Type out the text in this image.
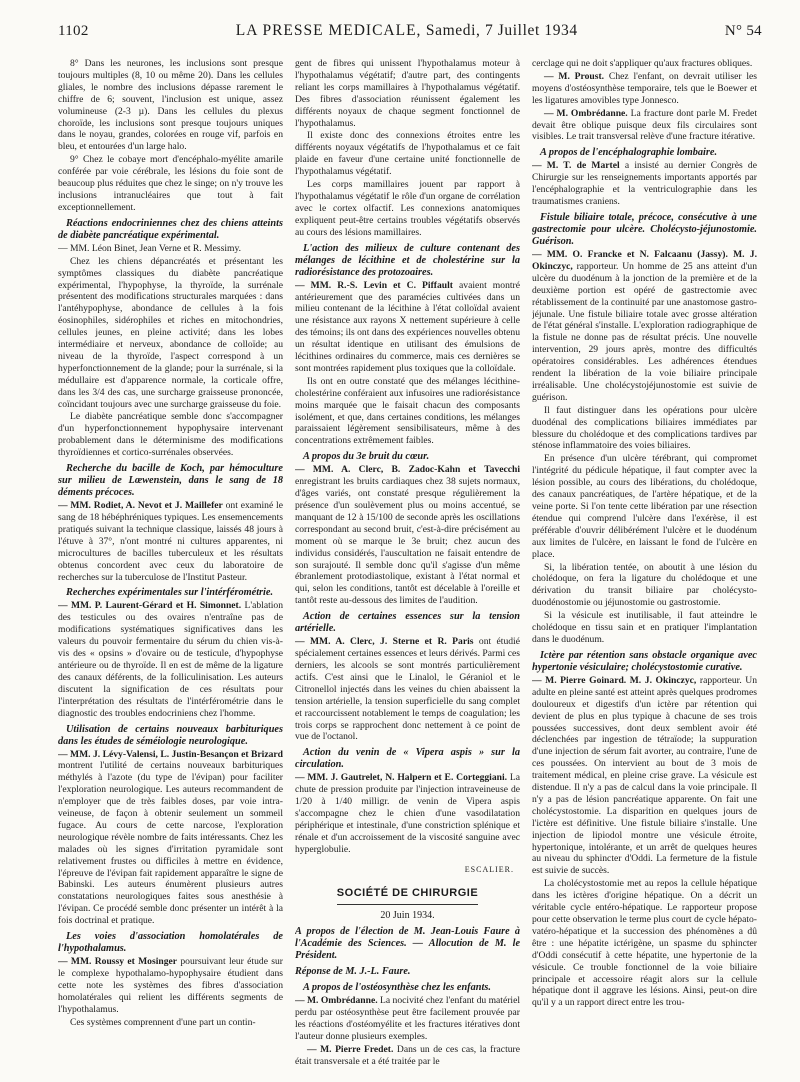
1102	LA PRESSE MEDICALE, Samedi, 7 Juillet 1934	N° 54

8° Dans les neurones, les inclusions sont presque toujours multiples (8, 10 ou même 20). Dans les cellules gliales, le nombre des inclusions dépasse rarement le chiffre de 6; souvent, l'inclusion est unique, assez volumineuse (2-3 µ). Dans les cellules du plexus choroïde, les inclusions sont presque toujours uniques dans le noyau, grandes, colorées en rouge vif, parfois en bleu, et entourées d'un large halo.

9° Chez le cobaye mort d'encéphalo-myélite amarile conférée par voie cérébrale, les lésions du foie sont de beaucoup plus réduites que chez le singe; on n'y trouve les inclusions intranucléaires que tout à fait exceptionnellement.

Réactions endocriniennes chez des chiens atteints de diabète pancréatique expérimental.

— MM. Léon Binet, Jean Verne et R. Messimy.

Chez les chiens dépancréatés et présentant les symptômes classiques du diabète pancréatique expérimental, l'hypophyse, la thyroïde, la surrénale présentent des modifications structurales marquées : dans l'antéhypophyse, abondance de cellules à la fois éosinophiles, sidérophiles et riches en mitochondries, cellules jeunes, en pleine activité; dans les lobes intermédiaire et nerveux, abondance de colloïde; au niveau de la thyroïde, l'aspect correspond à un hyperfonctionnement de la glande; pour la surrénale, si la médullaire est d'apparence normale, la corticale offre, dans les 3/4 des cas, une surcharge graisseuse prononcée, coïncidant toujours avec une surcharge graisseuse du foie.

Le diabète pancréatique semble donc s'accompagner d'un hyperfonctionnement hypophysaire intervenant probablement dans le déterminisme des modifications thyroïdiennes et cortico-surrénales observées.

Recherche du bacille de Koch, par hémoculture sur milieu de Lœwenstein, dans le sang de 18 déments précoces.

— MM. Rodiet, A. Nevot et J. Maillefer ont examiné le sang de 18 hébéphréniques typiques. Les ensemencements pratiqués suivant la technique classique, laissés 48 jours à l'étuve à 37°, n'ont montré ni cultures apparentes, ni microcultures de bacilles tuberculeux et les résultats obtenus concordent avec ceux du laboratoire de recherches sur la tuberculose de l'Institut Pasteur.

Recherches expérimentales sur l'intérférométrie.

— MM. P. Laurent-Gérard et H. Simonnet. L'ablation des testicules ou des ovaires n'entraîne pas de modifications systématiques significatives dans les valeurs du pouvoir fermentaire du sérum du chien vis-à-vis des « opsins » d'ovaire ou de testicule, d'hypophyse antérieure ou de thyroïde. Il en est de même de la ligature des canaux déférents, de la folliculinisation. Les auteurs discutent la signification de ces résultats pour l'interprétation des résultats de l'intérférométrie dans le diagnostic des troubles endocriniens chez l'homme.

Utilisation de certains nouveaux barbituriques dans les études de séméiologie neurologique.

— MM. J. Lévy-Valensi, L. Justin-Besançon et Brizard montrent l'utilité de certains nouveaux barbituriques méthylés à l'azote (du type de l'évipan) pour faciliter l'exploration neurologique. Les auteurs recommandent de n'employer que de très faibles doses, par voie intra-veineuse, de façon à obtenir seulement un sommeil fugace. Au cours de cette narcose, l'exploration neurologique révèle nombre de faits intéressants. Chez les malades où les signes d'irritation pyramidale sont relativement frustes ou difficiles à mettre en évidence, l'épreuve de l'évipan fait rapidement apparaître le signe de Babinski. Les auteurs énumèrent plusieurs autres constatations neurologiques faites sous anesthésie à l'évipan. Ce procédé semble donc présenter un intérêt à la fois doctrinal et pratique.

Les voies d'association homolatérales de l'hypothalamus.

— MM. Roussy et Mosinger poursuivant leur étude sur le complexe hypothalamo-hypophysaire étudient dans cette note les systèmes des fibres d'association homolatérales qui relient les différents segments de l'hypothalamus.

Ces systèmes comprennent d'une part un contin-

gent de fibres qui unissent l'hypothalamus moteur à l'hypothalamus végétatif; d'autre part, des contingents reliant les corps mamillaires à l'hypothalamus végétatif. Des fibres d'association réunissent également les différents noyaux de chaque segment fonctionnel de l'hypothalamus.

Il existe donc des connexions étroites entre les différents noyaux végétatifs de l'hypothalamus et ce fait plaide en faveur d'une certaine unité fonctionnelle de l'hypothalamus végétatif.

Les corps mamillaires jouent par rapport à l'hypothalamus végétatif le rôle d'un organe de corrélation avec le cortex olfactif. Les connexions anatomiques expliquent peut-être certains troubles végétatifs observés au cours des lésions mamillaires.

L'action des milieux de culture contenant des mélanges de lécithine et de cholestérine sur la radiorésistance des protozoaires.

— MM. R.-S. Levin et C. Piffault avaient montré antérieurement que des paramécies cultivées dans un milieu contenant de la lécithine à l'état colloïdal avaient une résistance aux rayons X nettement supérieure à celle des témoins; ils ont dans des expériences nouvelles obtenu un résultat identique en utilisant des émulsions de lécithines ordinaires du commerce, mais ces dernières se sont montrées rapidement plus toxiques que la colloïdale.

Ils ont en outre constaté que des mélanges lécithine-cholestérine conféraient aux infusoires une radiorésistance moins marquée que le faisait chacun des composants isolément, et que, dans certaines conditions, les mélanges paraissaient légèrement sensibilisateurs, même à des concentrations extrêmement faibles.

A propos du 3e bruit du cœur.

— MM. A. Clerc, B. Zadoc-Kahn et Tavecchi enregistrant les bruits cardiaques chez 38 sujets normaux, d'âges variés, ont constaté presque régulièrement la présence d'un soulèvement plus ou moins accentué, se manquant de 12 à 15/100 de seconde après les oscillations correspondant au second bruit, c'est-à-dire précisément au moment où se marque le 3e bruit; chez aucun des individus considérés, l'auscultation ne faisait entendre de son surajouté. Il semble donc qu'il s'agisse d'un même ébranlement protodiastolique, existant à l'état normal et qui, selon les conditions, tantôt est décelable à l'oreille et tantôt reste au-dessous des limites de l'audition.

Action de certaines essences sur la tension artérielle.

— MM. A. Clerc, J. Sterne et R. Paris ont étudié spécialement certaines essences et leurs dérivés. Parmi ces derniers, les alcools se sont montrés particulièrement actifs. C'est ainsi que le Linalol, le Géraniol et le Citronellol injectés dans les veines du chien abaissent la tension artérielle, la tension superficielle du sang complet et raccourcissent notablement le temps de coagulation; les trois corps se rapprochent donc nettement à ce point de vue de l'octanol.

Action du venin de « Vipera aspis » sur la circulation.

— MM. J. Gautrelet, N. Halpern et E. Corteggiani. La chute de pression produite par l'injection intraveineuse de 1/20 à 1/40 milligr. de venin de Vipera aspis s'accompagne chez le chien d'une vasodilatation périphérique et intestinale, d'une constriction splénique et rénale et d'un accroissement de la viscosité sanguine avec hyperglobulie.

ESCALIER.
SOCIÉTÉ DE CHIRURGIE
20 Juin 1934.
A propos de l'élection de M. Jean-Louis Faure à l'Académie des Sciences. — Allocution de M. le Président.
Réponse de M. J.-L. Faure.
A propos de l'ostéosynthèse chez les enfants.

— M. Ombrédanne. La nocivité chez l'enfant du matériel perdu par ostéosynthèse peut être facilement prouvée par les réactions d'ostéomyélite et les fractures itératives dont l'auteur donne plusieurs exemples.

— M. Pierre Fredet. Dans un de ces cas, la fracture était transversale et a été traitée par le

cerclage qui ne doit s'appliquer qu'aux fractures obliques.

— M. Proust. Chez l'enfant, on devrait utiliser les moyens d'ostéosynthèse temporaire, tels que le Boewer et les ligatures amovibles type Jonnesco.

— M. Ombrédanne. La fracture dont parle M. Fredet devait être oblique puisque deux fils circulaires sont visibles. Le trait transversal relève d'une fracture itérative.

A propos de l'encéphalographie lombaire.

— M. T. de Martel a insisté au dernier Congrès de Chirurgie sur les renseignements importants apportés par l'encéphalographie et la ventriculographie dans les traumatismes craniens.

Fistule biliaire totale, précoce, consécutive à une gastrectomie pour ulcère. Cholécysto-jéjunostomie. Guérison.

— MM. O. Francke et N. Falcaanu (Jassy). M. J. Okinczyc, rapporteur. Un homme de 25 ans atteint d'un ulcère du duodénum à la jonction de la première et de la deuxième portion est opéré de gastrectomie avec rétablissement de la continuité par une anastomose gastro-jéjunale. Une fistule biliaire totale avec grosse altération de l'état général s'installe. L'exploration radiographique de la fistule ne donne pas de résultat précis. Une nouvelle intervention, 29 jours après, montre des difficultés opératoires considérables. Les adhérences étendues rendent la libération de la voie biliaire principale irréalisable. Une cholécystojéjunostomie est suivie de guérison.

Il faut distinguer dans les opérations pour ulcère duodénal des complications biliaires immédiates par blessure du cholédoque et des complications tardives par sténose inflammatoire des voies biliaires.

En présence d'un ulcère térébrant, qui compromet l'intégrité du pédicule hépatique, il faut compter avec la lésion possible, au cours des libérations, du cholédoque, des canaux pancréatiques, de l'artère hépatique, et de la veine porte. Si l'on tente cette libération par une résection étendue qui comprend l'ulcère dans l'exérèse, il est préférable d'ouvrir délibérément l'ulcère et le duodénum aux limites de l'ulcère, en laissant le fond de l'ulcère en place.

Si, la libération tentée, on aboutit à une lésion du cholédoque, on fera la ligature du cholédoque et une dérivation du transit biliaire par cholécysto-duodénostomie ou jéjunostomie ou gastrostomie.

Si la vésicule est inutilisable, il faut atteindre le cholédoque en tissu sain et en pratiquer l'implantation dans le duodénum.

Ictère par rétention sans obstacle organique avec hypertonie vésiculaire; cholécystostomie curative.

— M. Pierre Goinard. M. J. Okinczyc, rapporteur. Un adulte en pleine santé est atteint après quelques prodromes douloureux et digestifs d'un ictère par rétention qui devient de plus en plus typique à chacune de ses trois poussées successives, dont deux semblent avoir été déclenchées par ingestion de tétraïode; la suppuration d'une injection de sérum fait avorter, au contraire, l'une de ces poussées. On intervient au bout de 3 mois de traitement médical, en pleine crise grave. La vésicule est distendue. Il n'y a pas de calcul dans la voie principale. Il n'y a pas de lésion pancréatique apparente. On fait une cholécystostomie. La disparition en quelques jours de l'ictère est définitive. Une fistule biliaire s'installe. Une injection de lipiodol montre une vésicule étroite, hypertonique, intolérante, et un arrêt de quelques heures au niveau du sphincter d'Oddi. La fermeture de la fistule est suivie de succès.

La cholécystostomie met au repos la cellule hépatique dans les ictères d'origine hépatique. On a décrit un véritable cycle entéro-hépatique. Le rapporteur propose pour cette observation le terme plus court de cycle hépato-vatéro-hépatique et la succession des phénomènes a dû être : une hépatite ictérigène, un spasme du sphincter d'Oddi consécutif à cette hépatite, une hypertonie de la vésicule. Ce trouble fonctionnel de la voie biliaire principale et accessoire réagit alors sur la cellule hépatique dont il aggrave les lésions. Ainsi, peut-on dire qu'il y a un rapport direct entre les trou-
